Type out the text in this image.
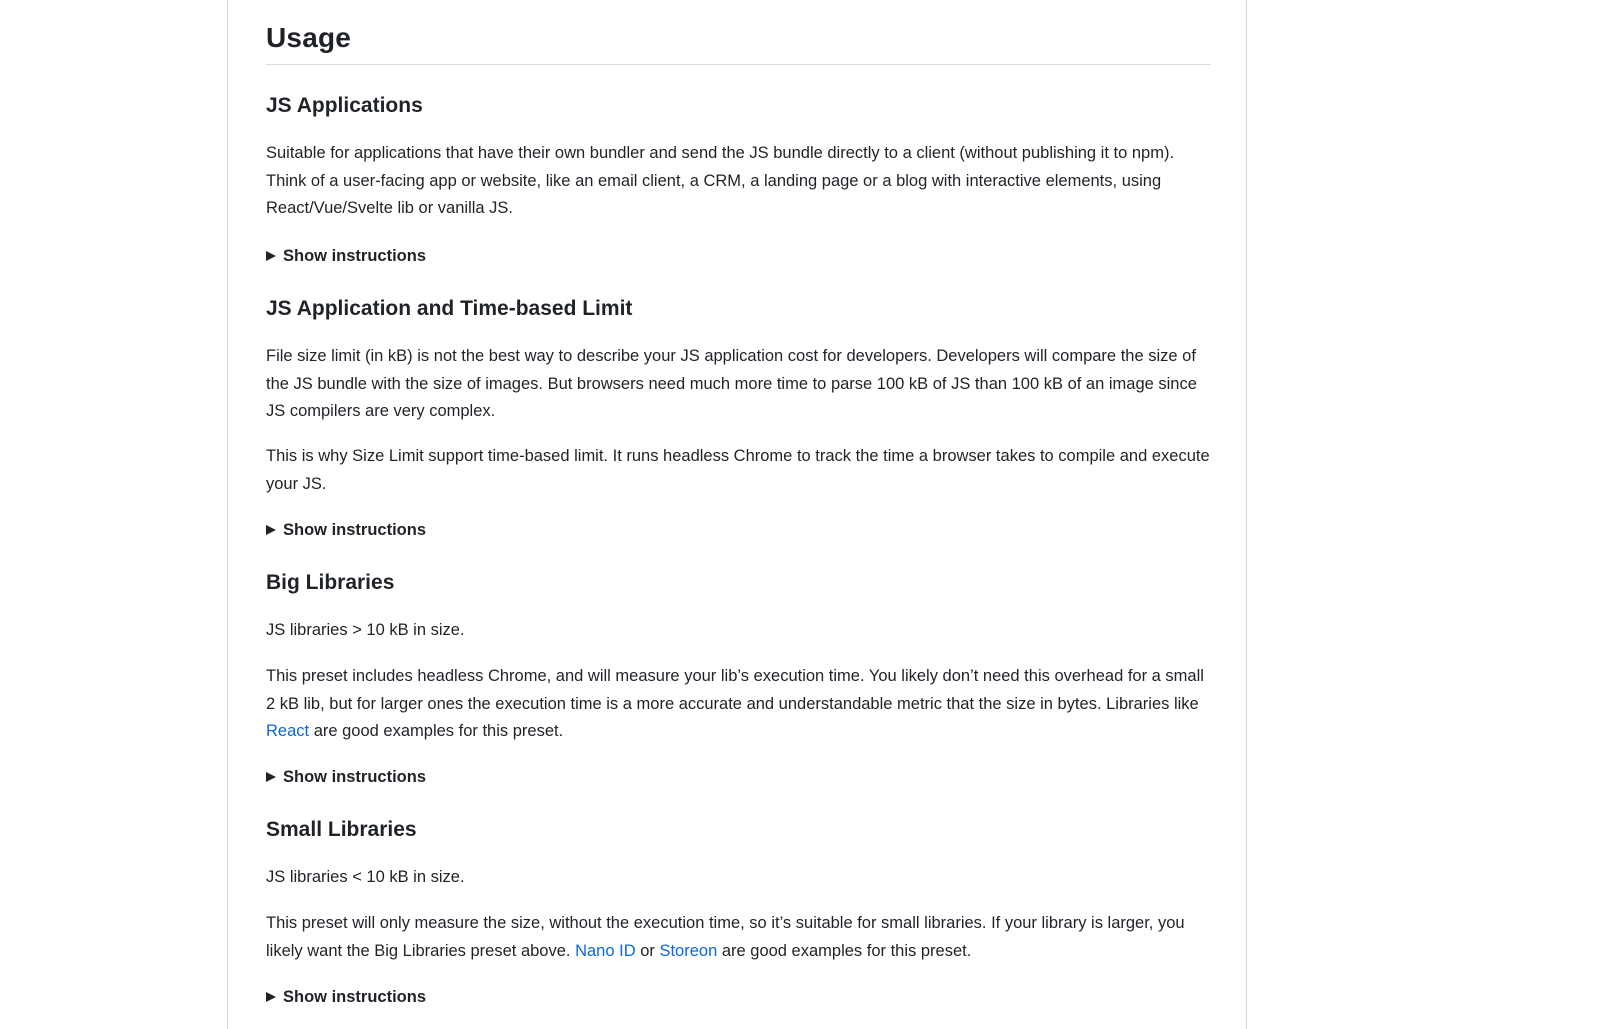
Usage
JS Applications

Suitable for applications that have their own bundler and send the JS bundle directly to a client (without publishing it to npm). Think of a user-facing app or website, like an email client, a CRM, a landing page or a blog with interactive elements, using React/Vue/Svelte lib or vanilla JS.

Show instructions
JS Application and Time-based Limit

File size limit (in kB) is not the best way to describe your JS application cost for developers. Developers will compare the size of the JS bundle with the size of images. But browsers need much more time to parse 100 kB of JS than 100 kB of an image since JS compilers are very complex.

This is why Size Limit support time-based limit. It runs headless Chrome to track the time a browser takes to compile and execute your JS.

Show instructions
Big Libraries

JS libraries > 10 kB in size.

This preset includes headless Chrome, and will measure your lib’s execution time. You likely don’t need this overhead for a small 2 kB lib, but for larger ones the execution time is a more accurate and understandable metric that the size in bytes. Libraries like React are good examples for this preset.

Show instructions
Small Libraries

JS libraries < 10 kB in size.

This preset will only measure the size, without the execution time, so it’s suitable for small libraries. If your library is larger, you likely want the Big Libraries preset above. Nano ID or Storeon are good examples for this preset.

Show instructions
